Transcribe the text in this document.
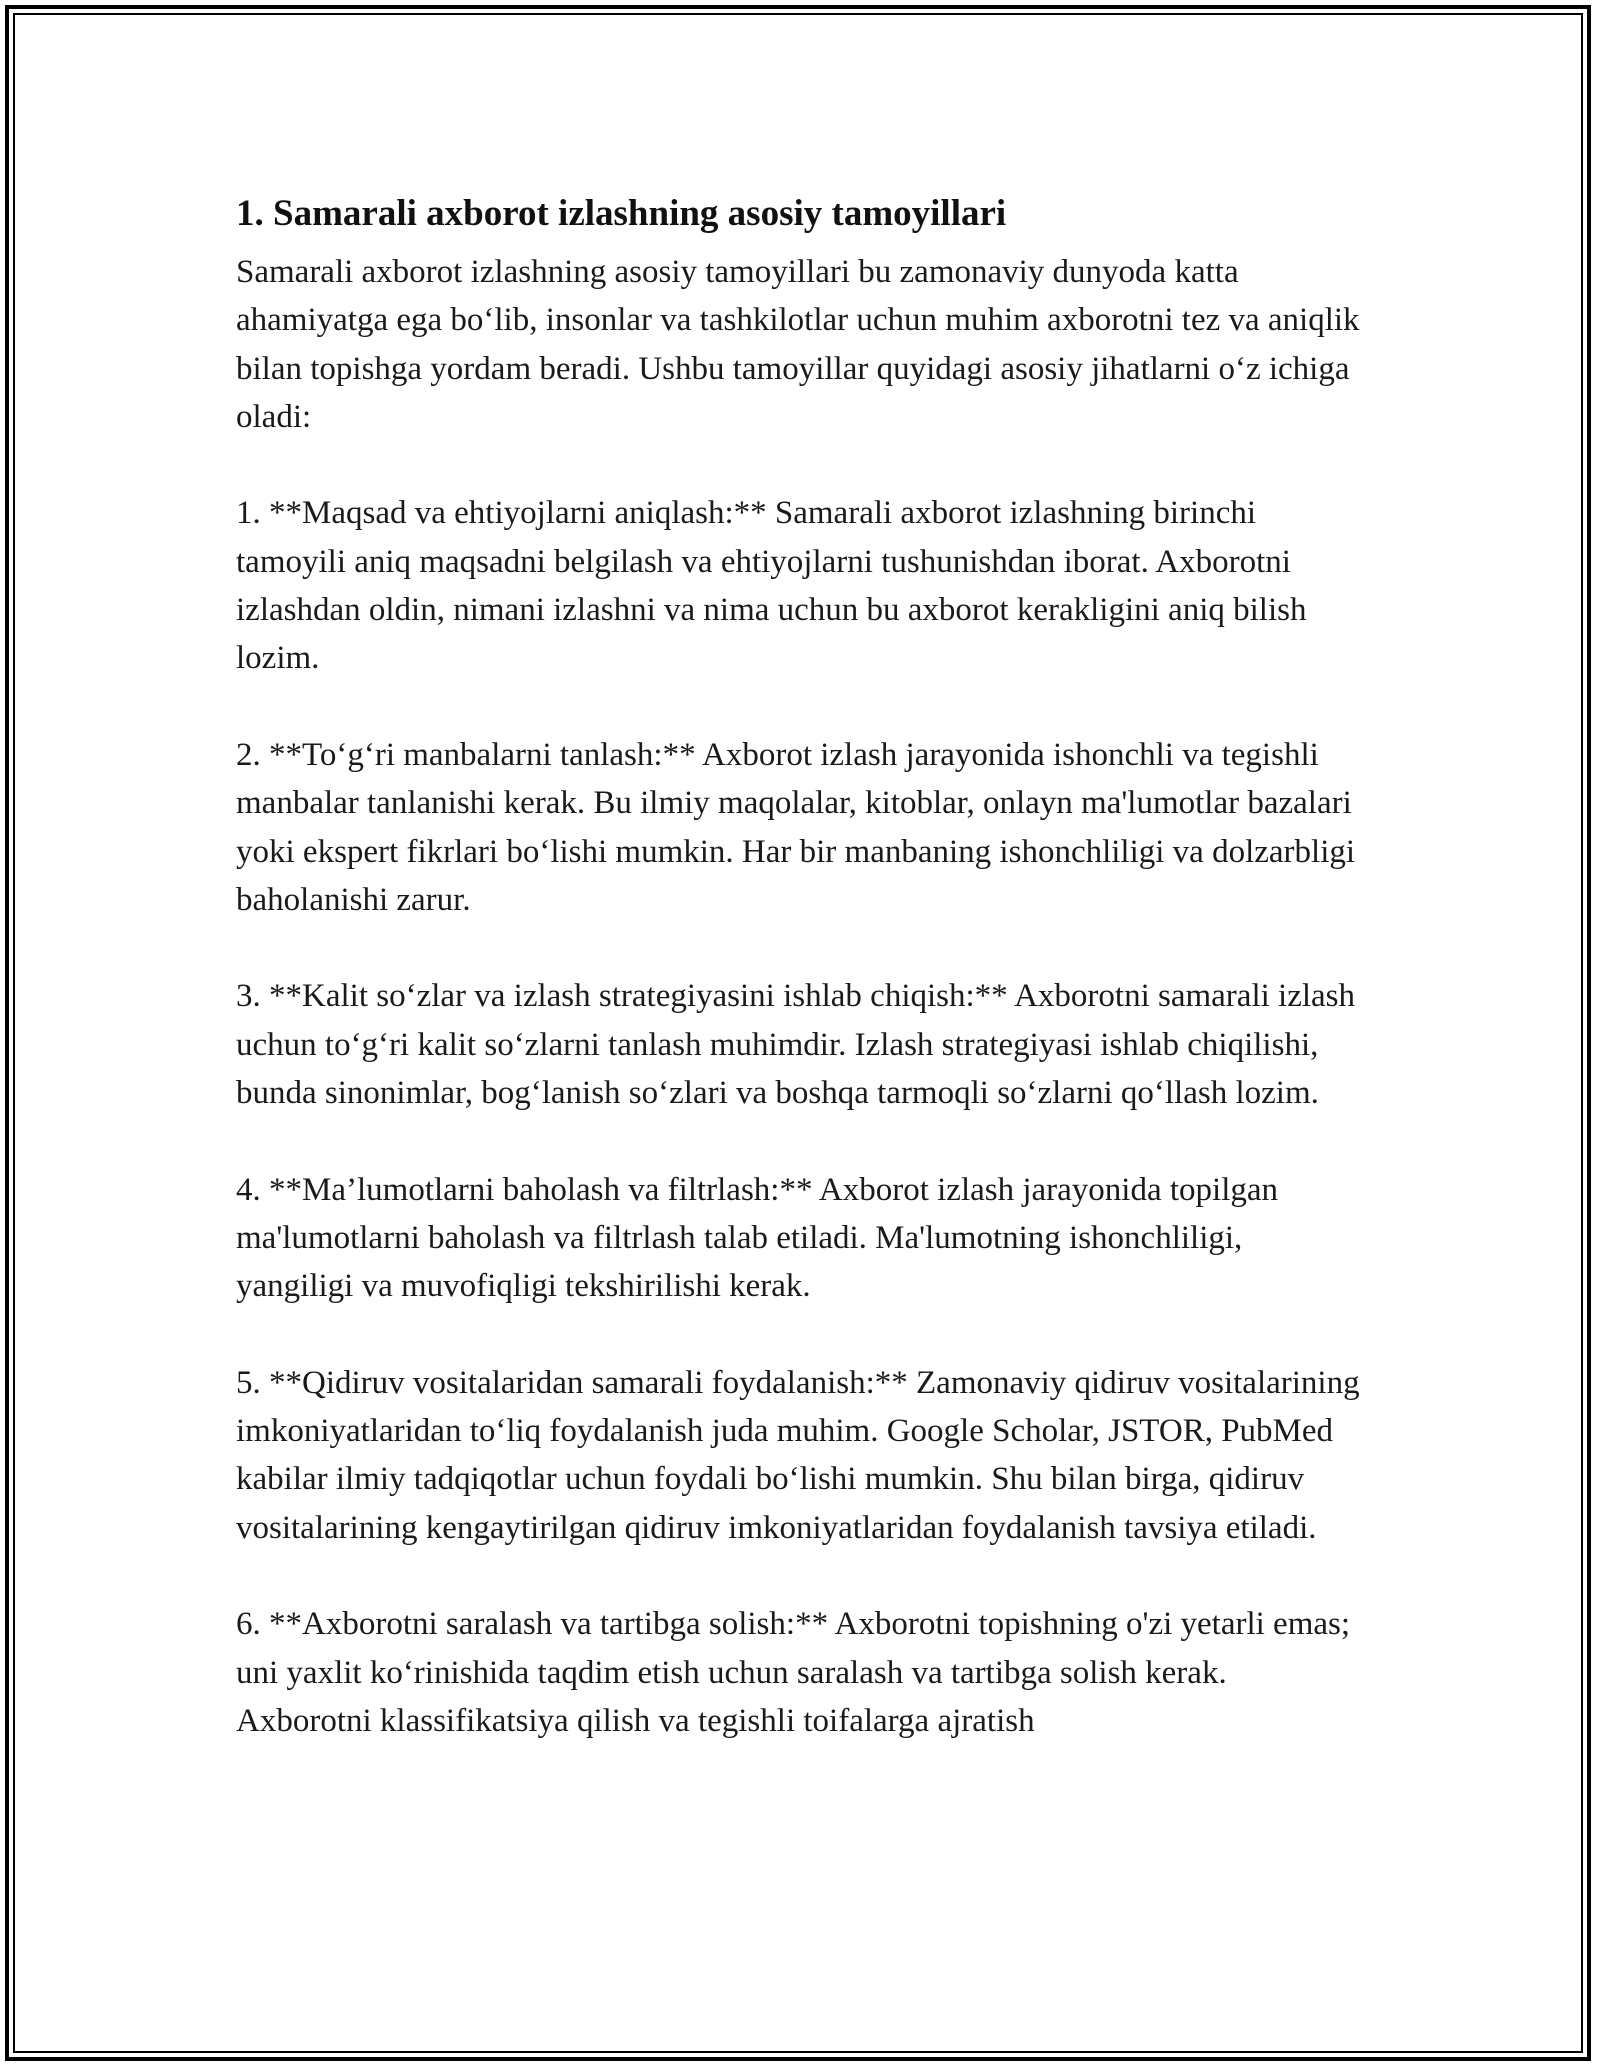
1. Samarali axborot izlashning asosiy tamoyillari

Samarali axborot izlashning asosiy tamoyillari bu zamonaviy dunyoda katta ahamiyatga ega bo‘lib, insonlar va tashkilotlar uchun muhim axborotni tez va aniqlik bilan topishga yordam beradi. Ushbu tamoyillar quyidagi asosiy jihatlarni o‘z ichiga oladi:

1. **Maqsad va ehtiyojlarni aniqlash:** Samarali axborot izlashning birinchi tamoyili aniq maqsadni belgilash va ehtiyojlarni tushunishdan iborat. Axborotni izlashdan oldin, nimani izlashni va nima uchun bu axborot kerakligini aniq bilish lozim.

2. **To‘g‘ri manbalarni tanlash:** Axborot izlash jarayonida ishonchli va tegishli manbalar tanlanishi kerak. Bu ilmiy maqolalar, kitoblar, onlayn ma'lumotlar bazalari yoki ekspert fikrlari bo‘lishi mumkin. Har bir manbaning ishonchliligi va dolzarbligi baholanishi zarur.

3. **Kalit so‘zlar va izlash strategiyasini ishlab chiqish:** Axborotni samarali izlash uchun to‘g‘ri kalit so‘zlarni tanlash muhimdir. Izlash strategiyasi ishlab chiqilishi, bunda sinonimlar, bog‘lanish so‘zlari va boshqa tarmoqli so‘zlarni qo‘llash lozim.

4. **Ma’lumotlarni baholash va filtrlash:** Axborot izlash jarayonida topilgan ma'lumotlarni baholash va filtrlash talab etiladi. Ma'lumotning ishonchliligi, yangiligi va muvofiqligi tekshirilishi kerak.

5. **Qidiruv vositalaridan samarali foydalanish:** Zamonaviy qidiruv vositalarining imkoniyatlaridan to‘liq foydalanish juda muhim. Google Scholar, JSTOR, PubMed kabilar ilmiy tadqiqotlar uchun foydali bo‘lishi mumkin. Shu bilan birga, qidiruv vositalarining kengaytirilgan qidiruv imkoniyatlaridan foydalanish tavsiya etiladi.

6. **Axborotni saralash va tartibga solish:** Axborotni topishning o'zi yetarli emas; uni yaxlit ko‘rinishida taqdim etish uchun saralash va tartibga solish kerak. Axborotni klassifikatsiya qilish va tegishli toifalarga ajratish
